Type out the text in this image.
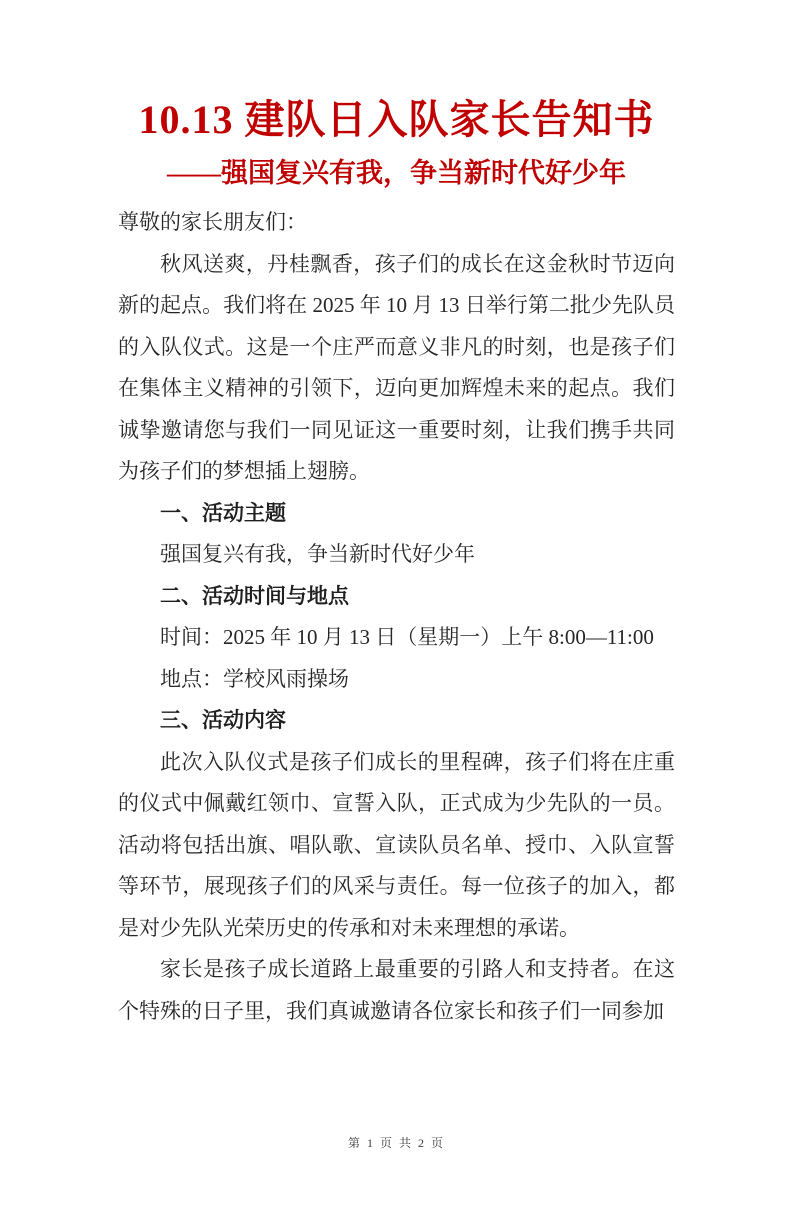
10.13 建队日入队家长告知书
——强国复兴有我，争当新时代好少年

尊敬的家长朋友们：

秋风送爽，丹桂飘香，孩子们的成长在这金秋时节迈向新的起点。我们将在 2025 年 10 月 13 日举行第二批少先队员的入队仪式。这是一个庄严而意义非凡的时刻，也是孩子们在集体主义精神的引领下，迈向更加辉煌未来的起点。我们诚挚邀请您与我们一同见证这一重要时刻，让我们携手共同为孩子们的梦想插上翅膀。

一、活动主题

强国复兴有我，争当新时代好少年

二、活动时间与地点

时间：2025 年 10 月 13 日（星期一）上午 8:00—11:00

地点：学校风雨操场

三、活动内容

此次入队仪式是孩子们成长的里程碑，孩子们将在庄重的仪式中佩戴红领巾、宣誓入队，正式成为少先队的一员。活动将包括出旗、唱队歌、宣读队员名单、授巾、入队宣誓等环节，展现孩子们的风采与责任。每一位孩子的加入，都是对少先队光荣历史的传承和对未来理想的承诺。

家长是孩子成长道路上最重要的引路人和支持者。在这个特殊的日子里，我们真诚邀请各位家长和孩子们一同参加

第 1 页 共 2 页
